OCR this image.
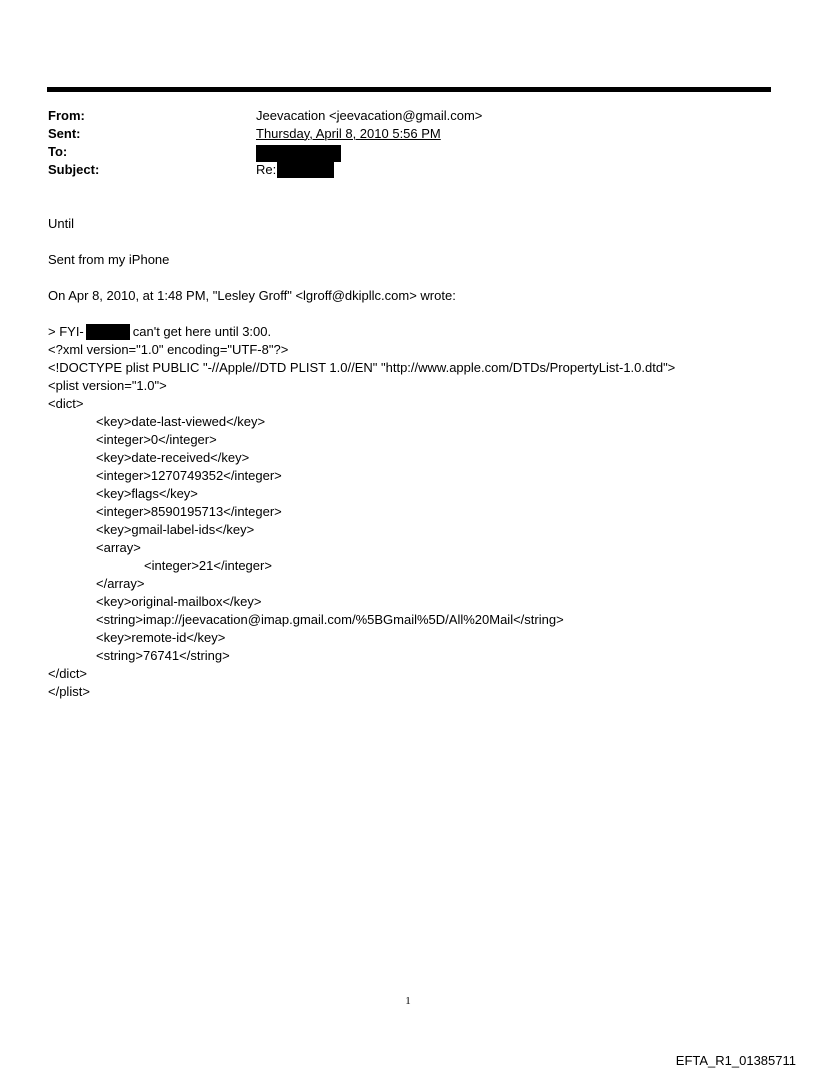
From:	Jeevacation <jeevacation@gmail.com>
Sent:	Thursday, April 8, 2010 5:56 PM
To:
Subject:	Re:
Until
Sent from my iPhone
On Apr 8, 2010, at 1:48 PM, "Lesley Groff" <lgroff@dkipllc.com> wrote:
> FYI-	can't get here until 3:00.
<?xml version="1.0" encoding="UTF-8"?>
<!DOCTYPE plist PUBLIC "-//Apple//DTD PLIST 1.0//EN" "http://www.apple.com/DTDs/PropertyList-1.0.dtd">
<plist version="1.0">
<dict>
<key>date-last-viewed</key>
<integer>0</integer>
<key>date-received</key>
<integer>1270749352</integer>
<key>flags</key>
<integer>8590195713</integer>
<key>gmail-label-ids</key>
<array>
<integer>21</integer>
</array>
<key>original-mailbox</key>
<string>imap://jeevacation@imap.gmail.com/%5BGmail%5D/All%20Mail</string>
<key>remote-id</key>
<string>76741</string>
</dict>
</plist>
1
EFTA_R1_01385711
